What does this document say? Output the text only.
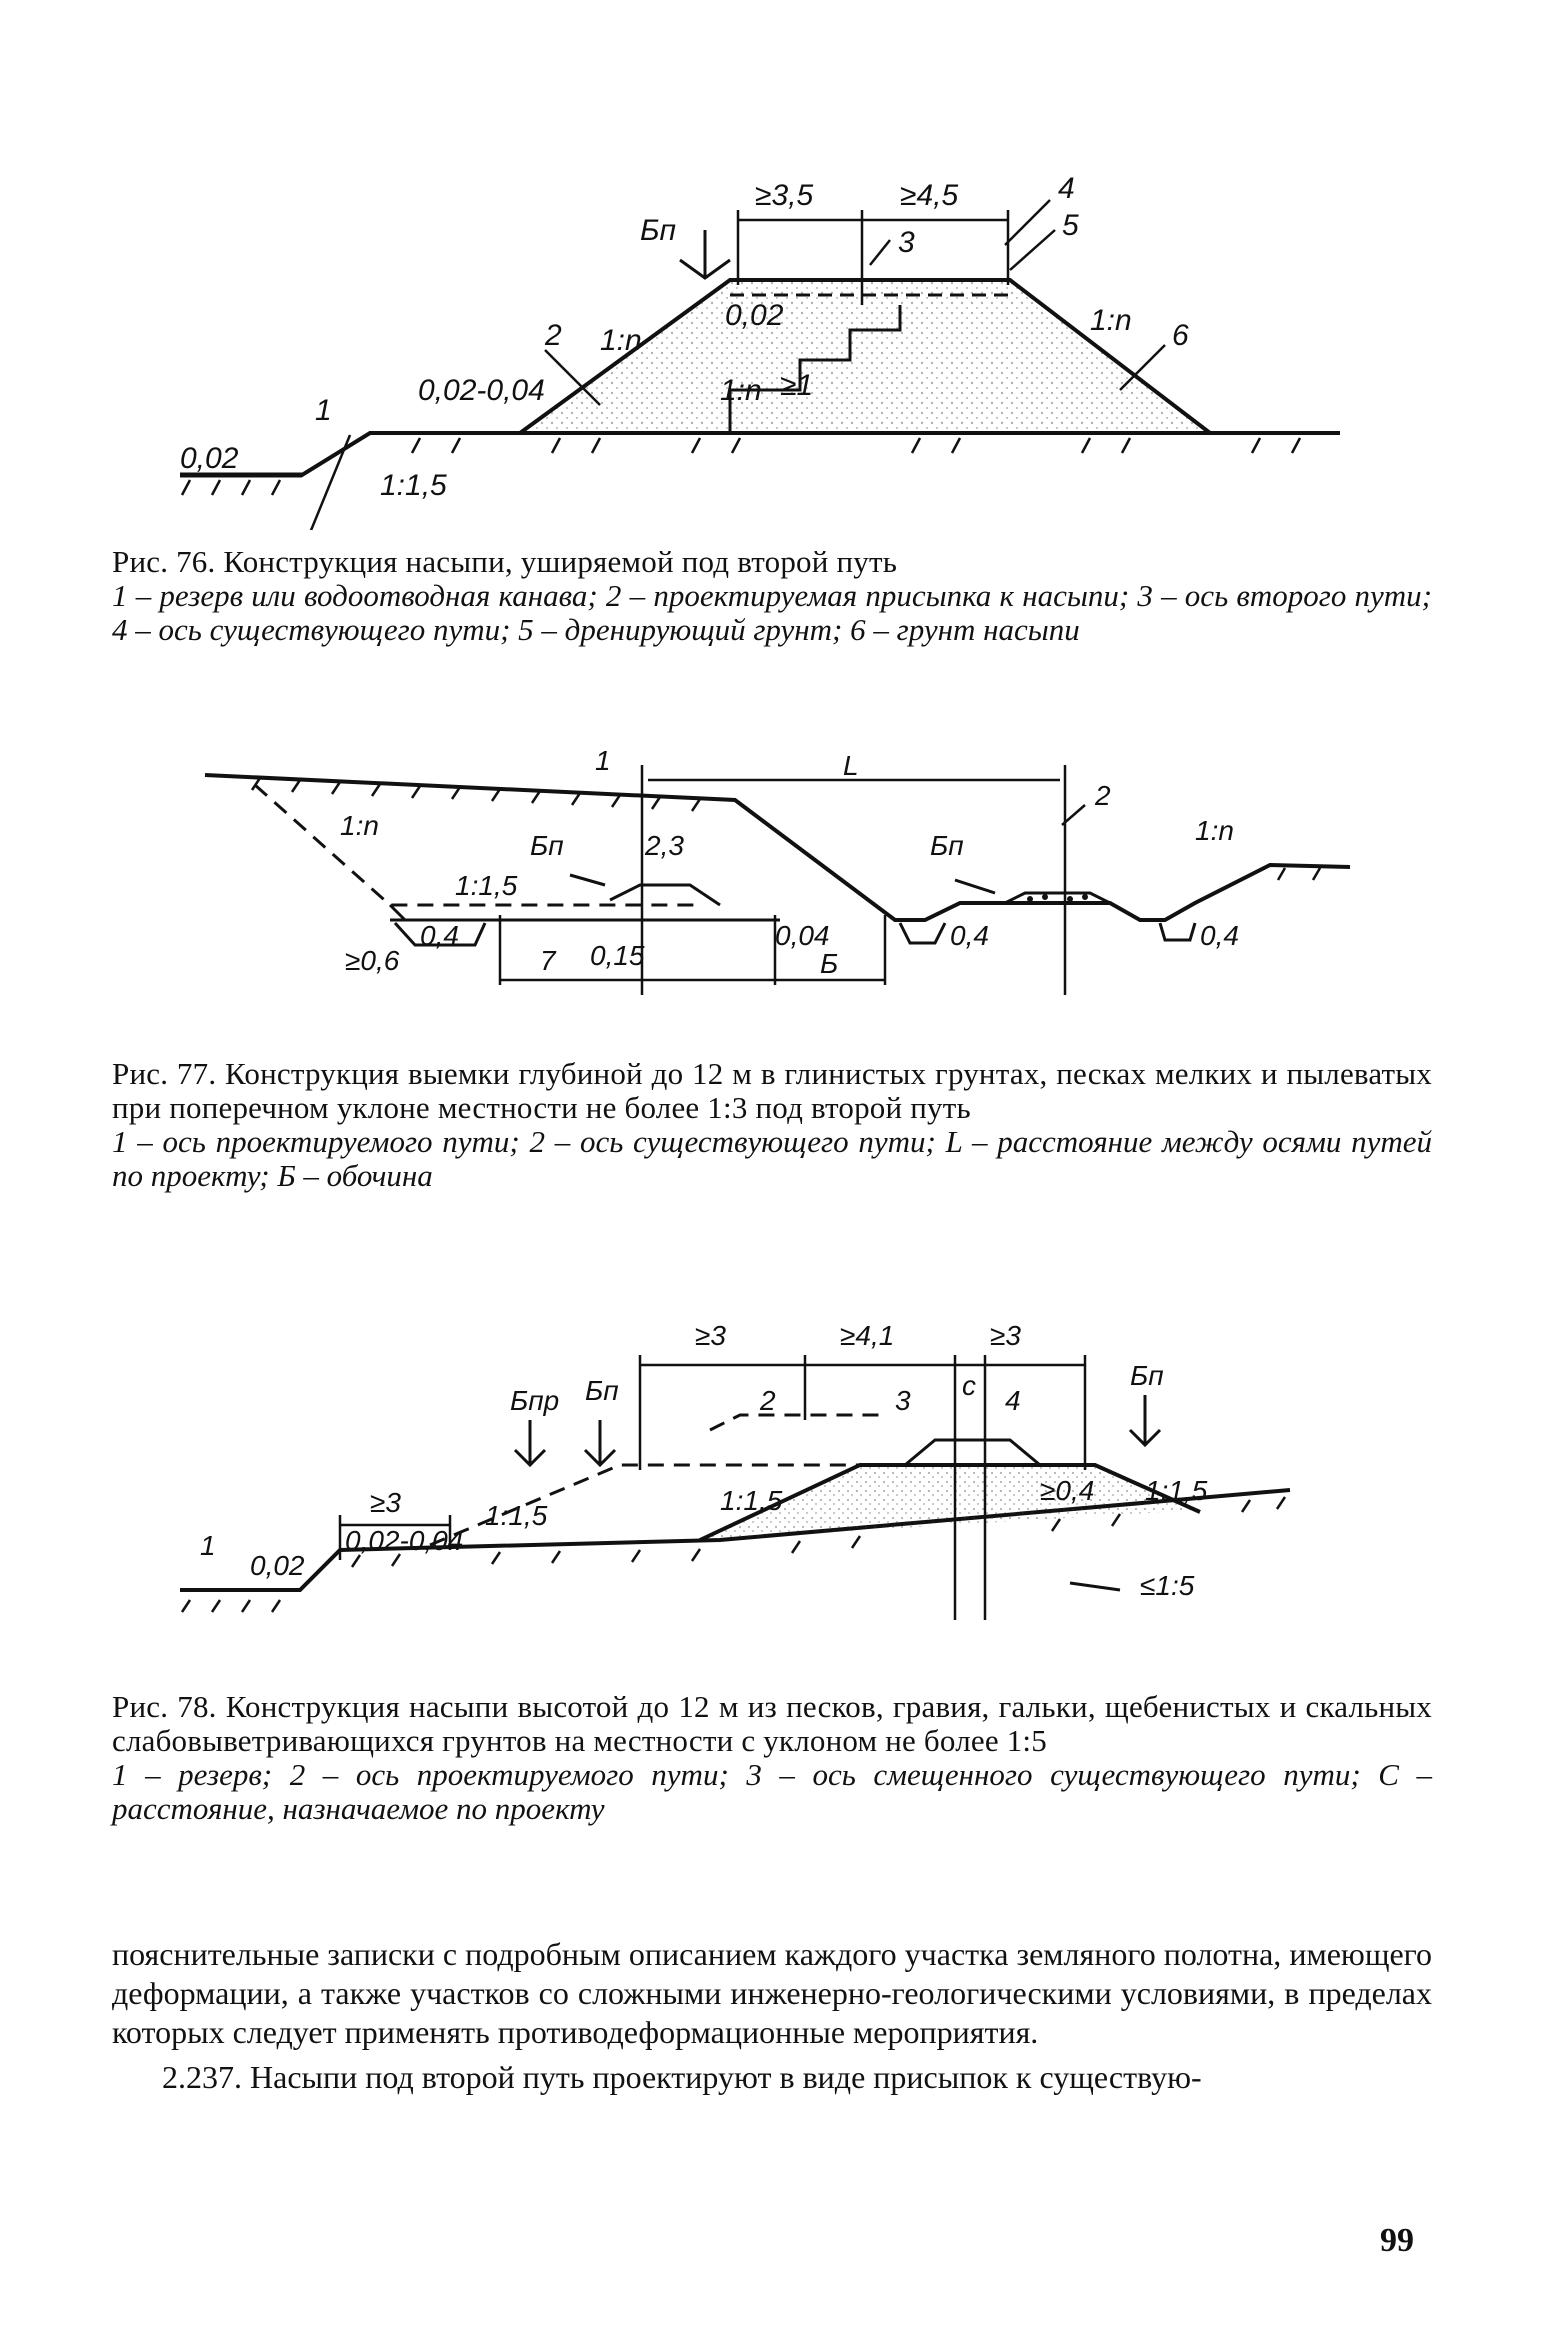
≥3,5	≥4,5
Бп
1
2
3
4
5
6
1:n
1:n
1:n
0,02
0,02-0,04
0,02
1:1,5
≥1
Рис. 76. Конструкция насыпи, уширяемой под второй путь
1 – резерв или водоотводная канава; 2 – проектируемая присыпка к насыпи; 3 – ось второго пути; 4 – ось существующего пути; 5 – дренирующий грунт; 6 – грунт насыпи
1
2
L
1:n	1:n
1:1,5
Бп	Бп
2,3
≥0,6
0,4
7 0,15
0,04
Б
0,4	0,4
Рис. 77. Конструкция выемки глубиной до 12 м в глинистых грунтах, песках мелких и пылеватых при поперечном уклоне местности не более 1:3 под второй путь
1 – ось проектируемого пути; 2 – ось существующего пути; L – расстояние между осями путей по проекту; Б – обочина
≥3	≥4,1	≥3
≥3
Бпр Бп	Бп
1
2	3	4
с
0,02
0,02-0,04
1:1,5	1:1,5	1:1,5
≥0,4
≤1:5
Рис. 78. Конструкция насыпи высотой до 12 м из песков, гравия, гальки, щебенистых и скальных слабовыветривающихся грунтов на местности с уклоном не более 1:5
1 – резерв; 2 – ось проектируемого пути; 3 – ось смещенного существующего пути; С – расстояние, назначаемое по проекту

пояснительные записки с подробным описанием каждого участка земляного полотна, имеющего деформации, а также участков со сложными инженерно-геологическими условиями, в пределах которых следует применять противодеформационные мероприятия.

2.237. Насыпи под второй путь проектируют в виде присыпок к существую-

99
